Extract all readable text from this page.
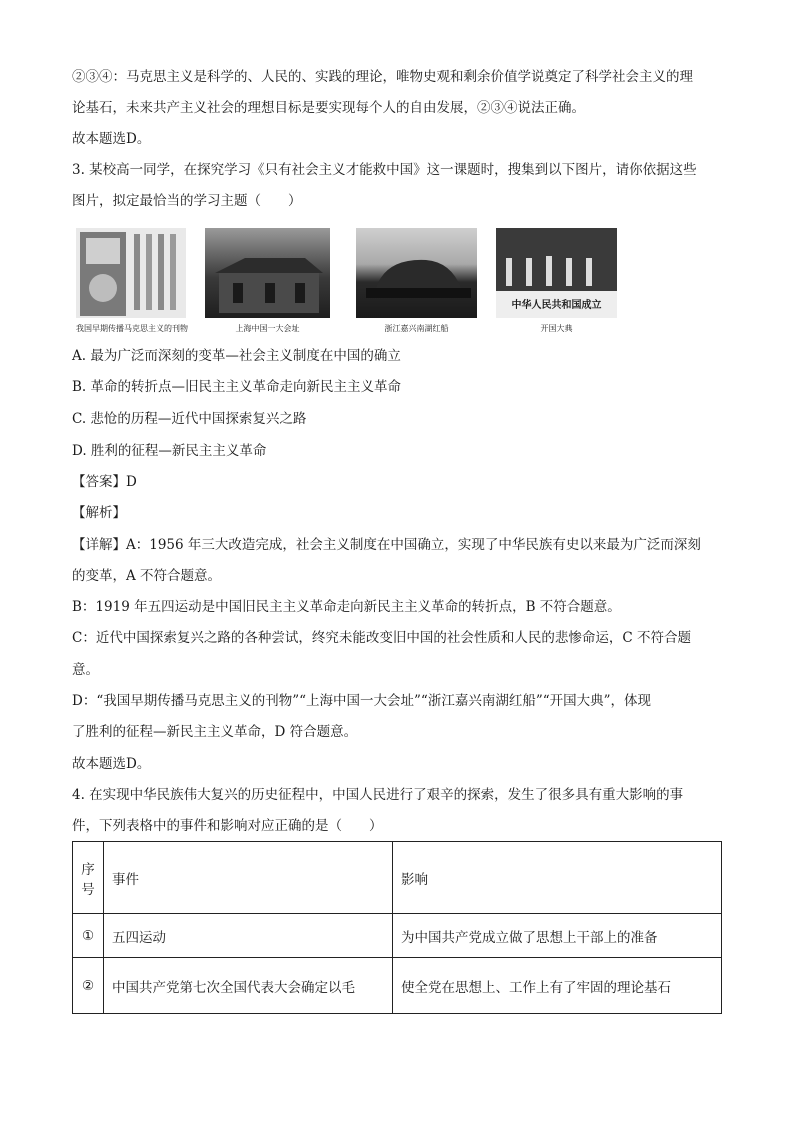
②③④：马克思主义是科学的、人民的、实践的理论，唯物史观和剩余价值学说奠定了科学社会主义的理
论基石，未来共产主义社会的理想目标是要实现每个人的自由发展，②③④说法正确。
故本题选D。
3. 某校高一同学，在探究学习《只有社会主义才能救中国》这一课题时，搜集到以下图片，请你依据这些
图片，拟定最恰当的学习主题（　　）
我国早期传播马克思主义的刊物	上海中国一大会址	浙江嘉兴南湖红船
中华人民共和国成立
开国大典
A. 最为广泛而深刻的变革—社会主义制度在中国的确立
B. 革命的转折点—旧民主主义革命走向新民主主义革命
C. 悲怆的历程—近代中国探索复兴之路
D. 胜利的征程—新民主主义革命
【答案】D
【解析】
【详解】A：1956 年三大改造完成，社会主义制度在中国确立，实现了中华民族有史以来最为广泛而深刻
的变革，A 不符合题意。
B：1919 年五四运动是中国旧民主主义革命走向新民主主义革命的转折点，B 不符合题意。
C：近代中国探索复兴之路的各种尝试，终究未能改变旧中国的社会性质和人民的悲惨命运，C 不符合题
意。
D：“我国早期传播马克思主义的刊物”“上海中国一大会址”“浙江嘉兴南湖红船”“开国大典”，体现
了胜利的征程—新民主主义革命，D 符合题意。
故本题选D。
4. 在实现中华民族伟大复兴的历史征程中，中国人民进行了艰辛的探索，发生了很多具有重大影响的事
件，下列表格中的事件和影响对应正确的是（　　）
序
号	事件	影响
①	五四运动	为中国共产党成立做了思想上干部上的准备
②	中国共产党第七次全国代表大会确定以毛	使全党在思想上、工作上有了牢固的理论基石
